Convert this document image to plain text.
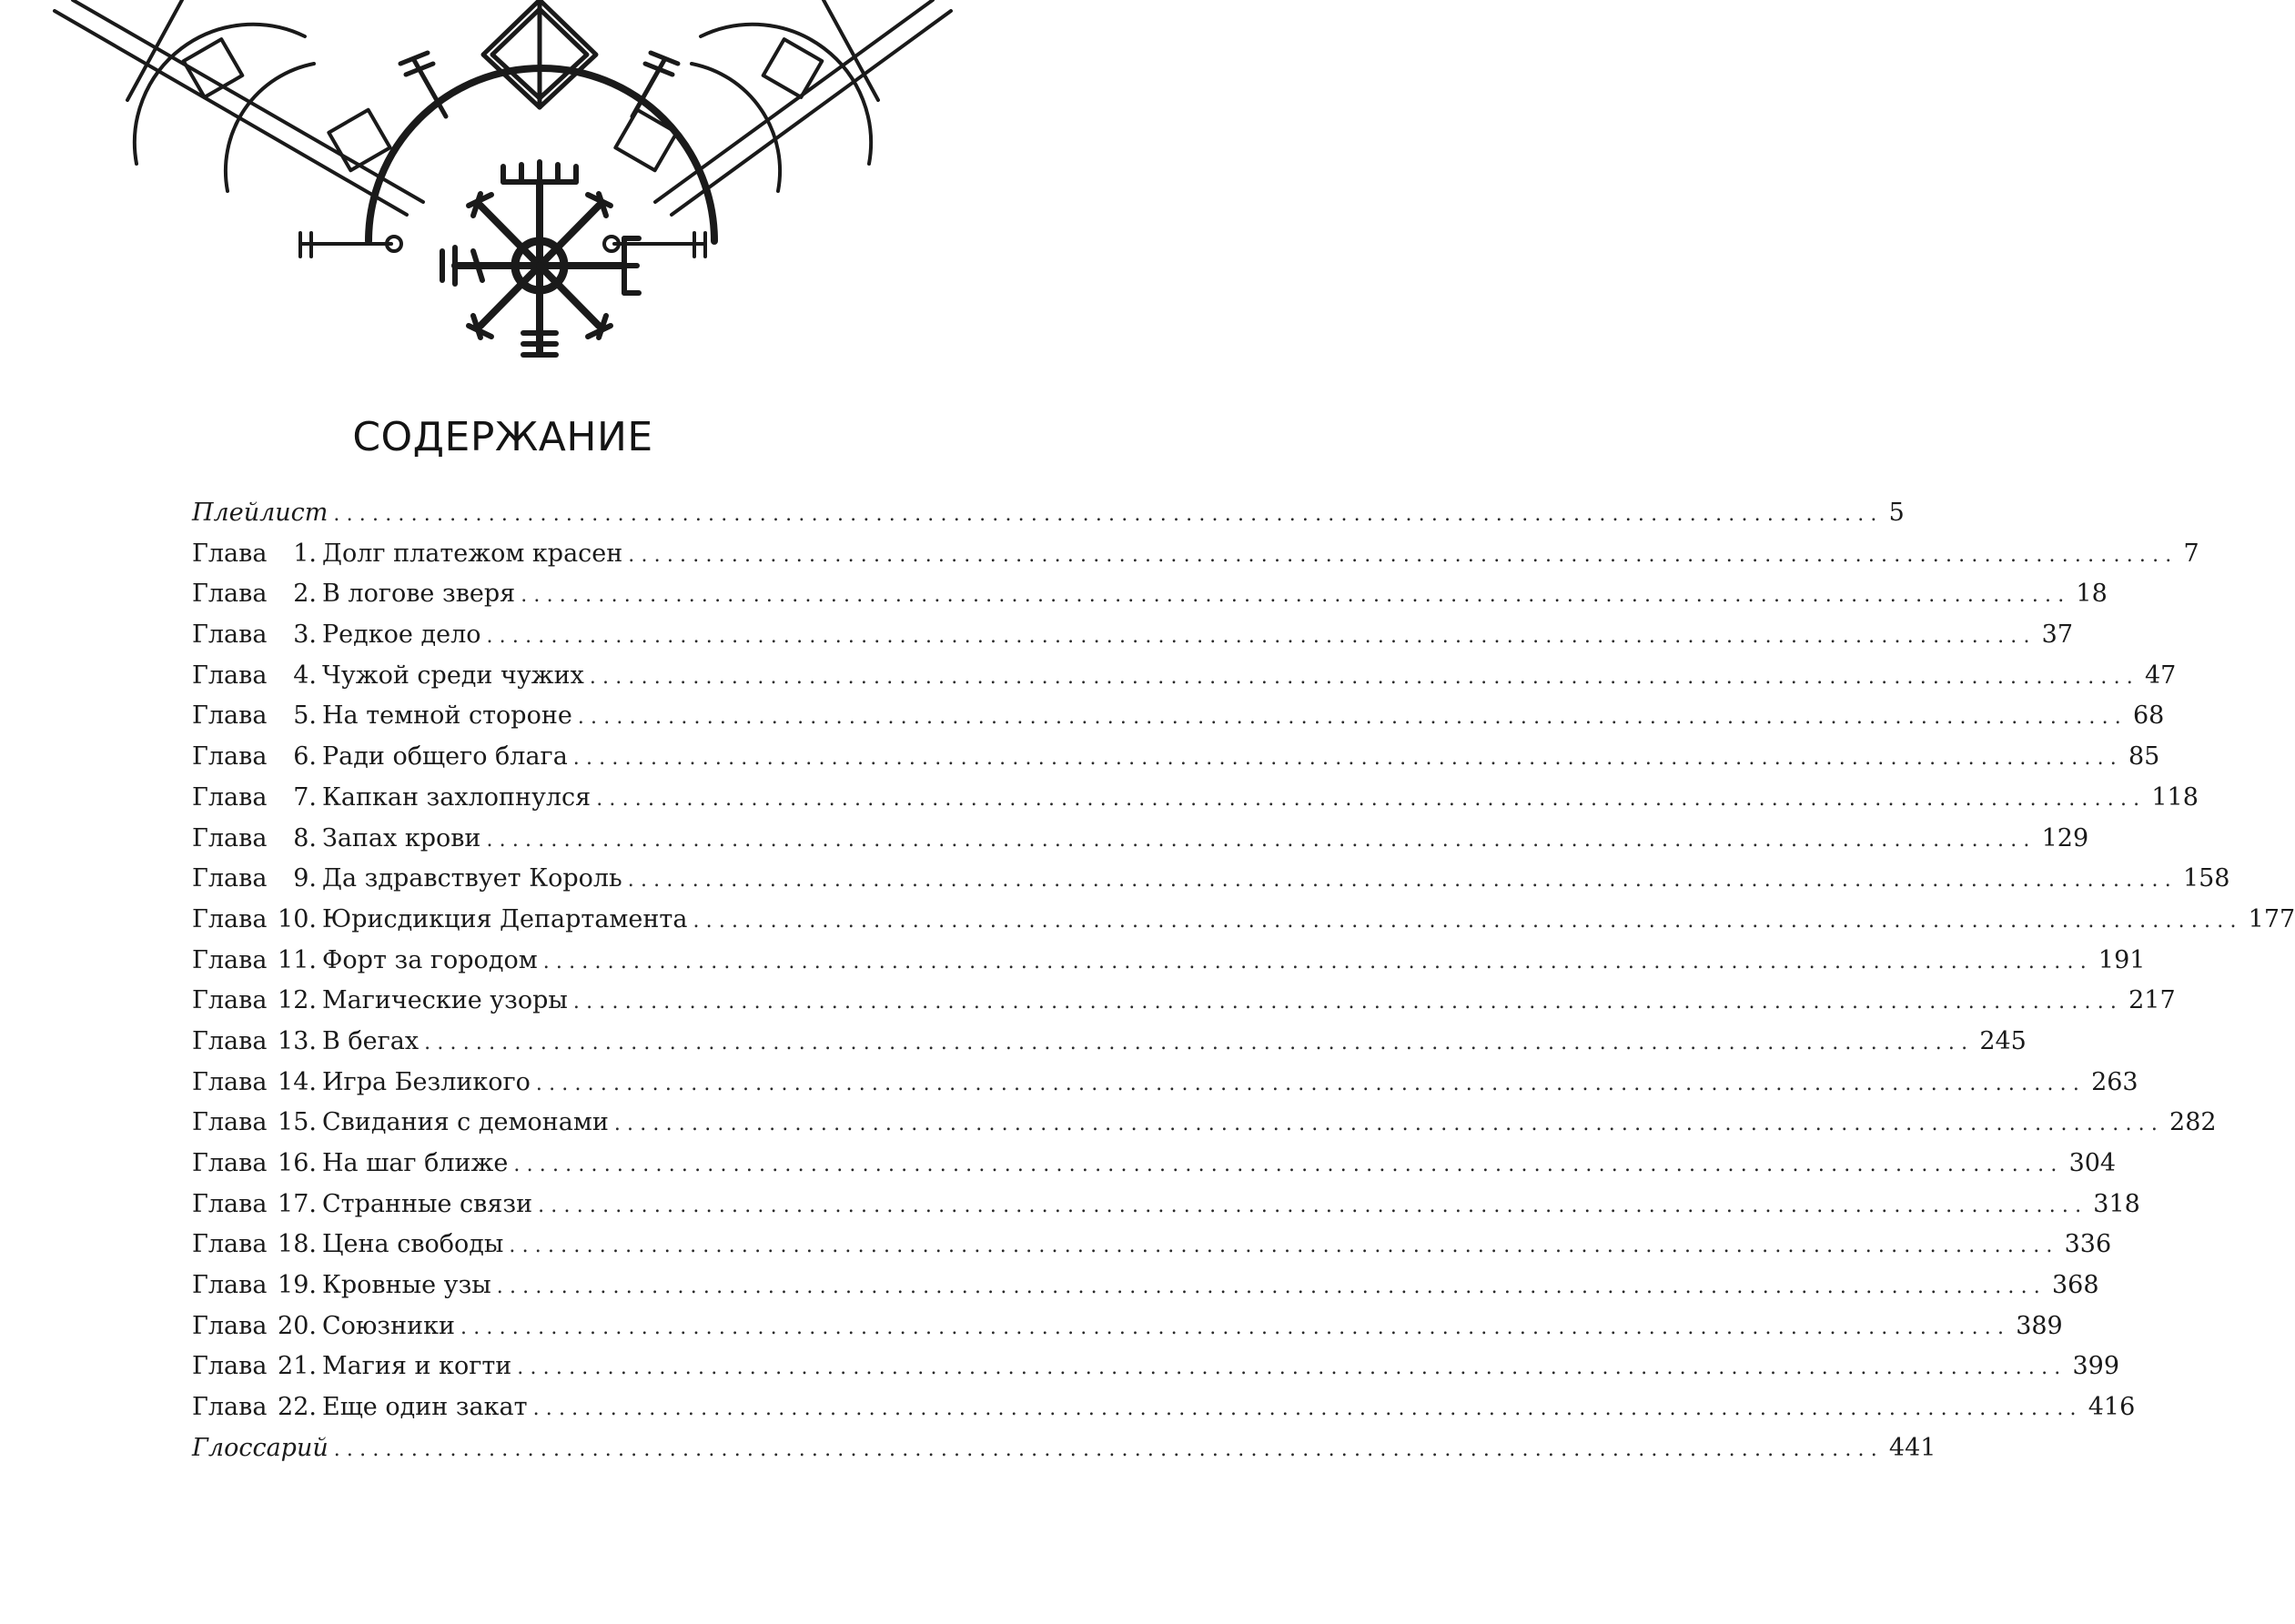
СОДЕРЖАНИЕ
Плейлист ........................................................................................................................ 5
Глава	1. Долг платежом красен ........................................................................................................................ 7
Глава	2. В логове зверя ........................................................................................................................ 18
Глава	3. Редкое дело ........................................................................................................................ 37
Глава	4. Чужой среди чужих ........................................................................................................................ 47
Глава	5. На темной стороне ........................................................................................................................ 68
Глава	6. Ради общего блага ........................................................................................................................ 85
Глава	7. Капкан захлопнулся ........................................................................................................................ 118
Глава	8. Запах крови ........................................................................................................................ 129
Глава	9. Да здравствует Король ........................................................................................................................ 158
Глава 10. Юрисдикция Департамента ........................................................................................................................ 177
Глава 11. Форт за городом ........................................................................................................................ 191
Глава 12. Магические узоры ........................................................................................................................ 217
Глава 13. В бегах ........................................................................................................................ 245
Глава 14. Игра Безликого ........................................................................................................................ 263
Глава 15. Свидания с демонами ........................................................................................................................ 282
Глава 16. На шаг ближе ........................................................................................................................ 304
Глава 17. Странные связи ........................................................................................................................ 318
Глава 18. Цена свободы ........................................................................................................................ 336
Глава 19. Кровные узы ........................................................................................................................ 368
Глава 20. Союзники ........................................................................................................................ 389
Глава 21. Магия и когти ........................................................................................................................ 399
Глава 22. Еще один закат ........................................................................................................................ 416
Глоссарий ........................................................................................................................ 441
